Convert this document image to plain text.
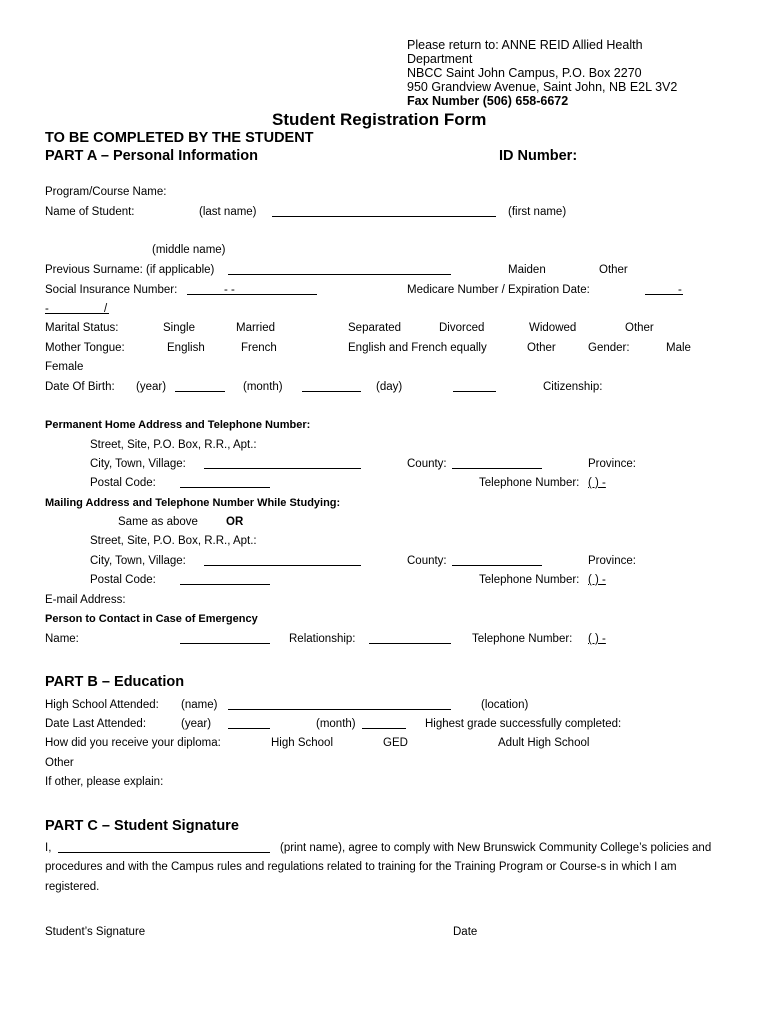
Please return to: ANNE REID Allied Health
Department
NBCC Saint John Campus, P.O. Box 2270
950 Grandview Avenue, Saint John, NB E2L 3V2
Fax Number (506) 658-6672
Student Registration Form
TO BE COMPLETED BY THE STUDENT
PART A – Personal Information	ID Number:
Program/Course Name:
Name of Student:	(last name)	(first name)
(middle name)
Previous Surname: (if applicable)	Maiden	Other
Social Insurance Number:	- -	Medicare Number / Expiration Date:	-
-	/
Marital Status:	Single	Married	Separated	Divorced	Widowed	Other
Mother Tongue:	English	French	English and French equally	Other	Gender:	Male
Female
Date Of Birth: (year)	(month)	(day)	Citizenship:
Permanent Home Address and Telephone Number:
Street, Site, P.O. Box, R.R., Apt.:
City, Town, Village:	County:	Province:
Postal Code:	Telephone Number: ( ) -
Mailing Address and Telephone Number While Studying:
Same as above OR
Street, Site, P.O. Box, R.R., Apt.:
City, Town, Village:	County:	Province:
Postal Code:	Telephone Number: ( ) -
E-mail Address:
Person to Contact in Case of Emergency
Name:	Relationship:	Telephone Number: ( ) -
PART B – Education
High School Attended: (name)	(location)
Date Last Attended:	(year)	(month)	Highest grade successfully completed:
How did you receive your diploma:	High School	GED	Adult High School
Other
If other, please explain:
PART C – Student Signature
I,	(print name), agree to comply with New Brunswick Community College’s policies and
procedures and with the Campus rules and regulations related to training for the Training Program or Course-s in which I am
registered.
Student’s Signature	Date
